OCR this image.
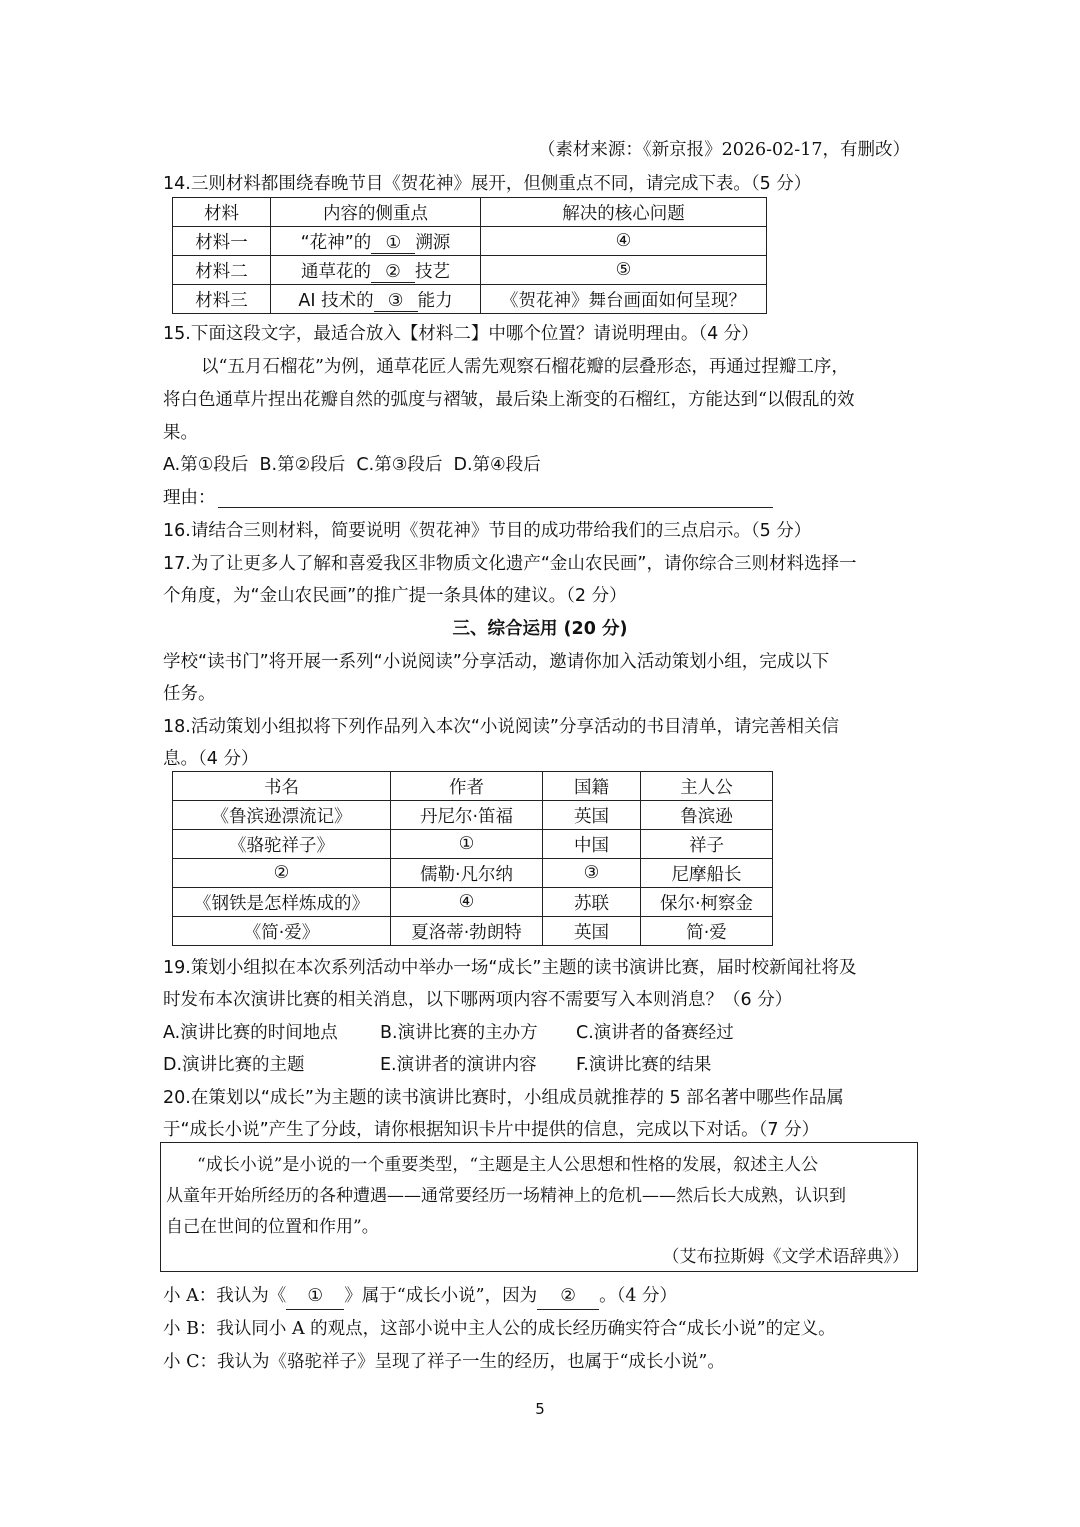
（素材来源：《新京报》2026-02-17，有删改）
14.三则材料都围绕春晚节目《贺花神》展开，但侧重点不同，请完成下表。（5 分）
材料	内容的侧重点	解决的核心问题
材料一	“花神”的 ① 溯源	④
材料二	通草花的 ② 技艺	⑤
材料三	AI 技术的 ③ 能力	《贺花神》舞台画面如何呈现？
15.下面这段文字，最适合放入【材料二】中哪个位置？请说明理由。（4 分）
以“五月石榴花”为例，通草花匠人需先观察石榴花瓣的层叠形态，再通过捏瓣工序，
将白色通草片捏出花瓣自然的弧度与褶皱，最后染上渐变的石榴红，方能达到“以假乱的效
果。
A.第①段后  B.第②段后  C.第③段后  D.第④段后
理由：
16.请结合三则材料，简要说明《贺花神》节目的成功带给我们的三点启示。（5 分）
17.为了让更多人了解和喜爱我区非物质文化遗产“金山农民画”，请你综合三则材料选择一
个角度，为“金山农民画”的推广提一条具体的建议。（2 分）
三、综合运用 (20 分)
学校“读书门”将开展一系列“小说阅读”分享活动，邀请你加入活动策划小组，完成以下
任务。
18.活动策划小组拟将下列作品列入本次“小说阅读”分享活动的书目清单，请完善相关信
息。（4 分）
书名	作者	国籍	主人公
《鲁滨逊漂流记》	丹尼尔·笛福	英国	鲁滨逊
《骆驼祥子》	①	中国	祥子
②	儒勒·凡尔纳	③	尼摩船长
《钢铁是怎样炼成的》	④	苏联	保尔·柯察金
《简·爱》	夏洛蒂·勃朗特	英国	简·爱
19.策划小组拟在本次系列活动中举办一场“成长”主题的读书演讲比赛，届时校新闻社将及
时发布本次演讲比赛的相关消息，以下哪两项内容不需要写入本则消息？（6 分）
A.演讲比赛的时间地点 B.演讲比赛的主办方 C.演讲者的备赛经过
D.演讲比赛的主题	E.演讲者的演讲内容 F.演讲比赛的结果
20.在策划以“成长”为主题的读书演讲比赛时，小组成员就推荐的 5 部名著中哪些作品属
于“成长小说”产生了分歧，请你根据知识卡片中提供的信息，完成以下对话。（7 分）
“成长小说”是小说的一个重要类型，“主题是主人公思想和性格的发展，叙述主人公
从童年开始所经历的各种遭遇——通常要经历一场精神上的危机——然后长大成熟，认识到
自己在世间的位置和作用”。
（艾布拉斯姆《文学术语辞典》）
小 A：我认为《 ① 》属于“成长小说”，因为 ② 。（4 分）
小 B：我认同小 A 的观点，这部小说中主人公的成长经历确实符合“成长小说”的定义。
小 C：我认为《骆驼祥子》呈现了祥子一生的经历，也属于“成长小说”。
5
